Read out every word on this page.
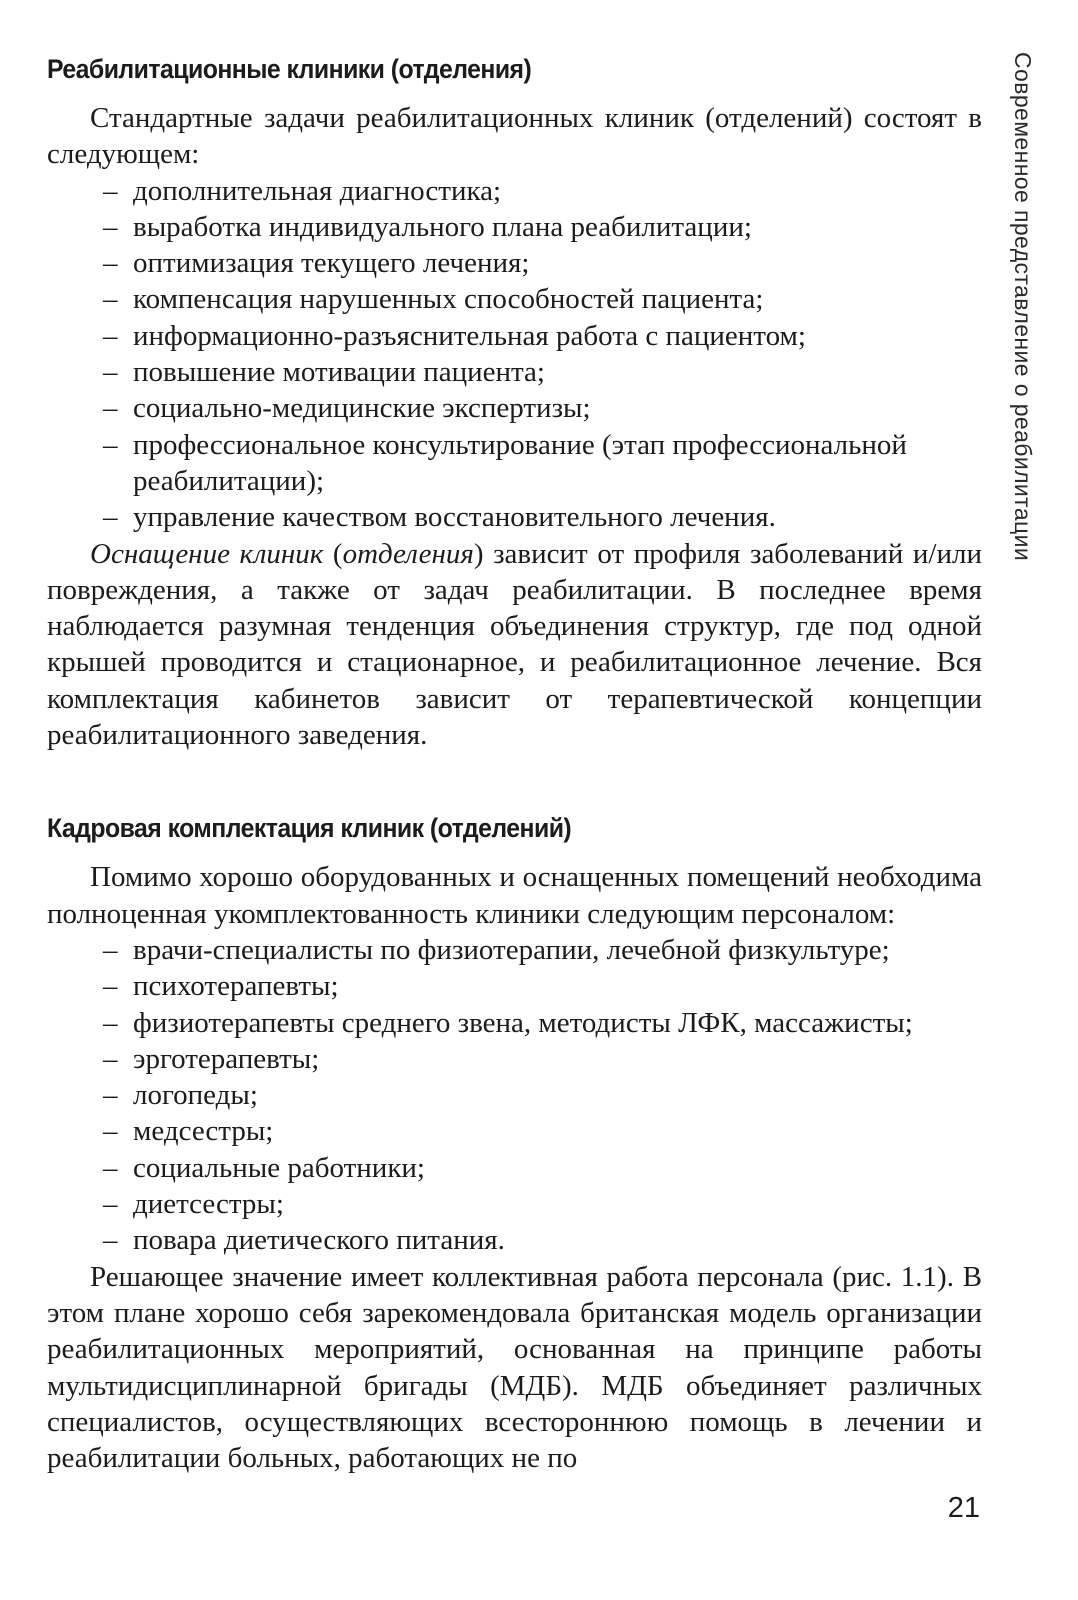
Современное представление о реабилитации
Реабилитационные клиники (отделения)

Стандартные задачи реабилитационных клиник (отделений) состоят в следующем:

– дополнительная диагностика;
– выработка индивидуального плана реабилитации;
– оптимизация текущего лечения;
– компенсация нарушенных способностей пациента;
– информационно-разъяснительная работа с пациентом;
– повышение мотивации пациента;
– социально-медицинские экспертизы;
– профессиональное консультирование (этап профессиональной реабилитации);
– управление качеством восстановительного лечения.

Оснащение клиник (отделения) зависит от профиля заболеваний и/или повреждения, а также от задач реабилитации. В последнее время наблюдается разумная тенденция объединения структур, где под одной крышей проводится и стационарное, и реабилитационное лечение. Вся комплектация кабинетов зависит от терапевтической концепции реабилитационного заведения.

Кадровая комплектация клиник (отделений)

Помимо хорошо оборудованных и оснащенных помещений необходима полноценная укомплектованность клиники следующим персоналом:

– врачи-специалисты по физиотерапии, лечебной физкультуре;
– психотерапевты;
– физиотерапевты среднего звена, методисты ЛФК, массажисты;
– эрготерапевты;
– логопеды;
– медсестры;
– социальные работники;
– диетсестры;
– повара диетического питания.

Решающее значение имеет коллективная работа персонала (рис. 1.1). В этом плане хорошо себя зарекомендовала британская модель организации реабилитационных мероприятий, основанная на принципе работы мультидисциплинарной бригады (МДБ). МДБ объединяет различных специалистов, осуществляющих всестороннюю помощь в лечении и реабилитации больных, работающих не по

21
